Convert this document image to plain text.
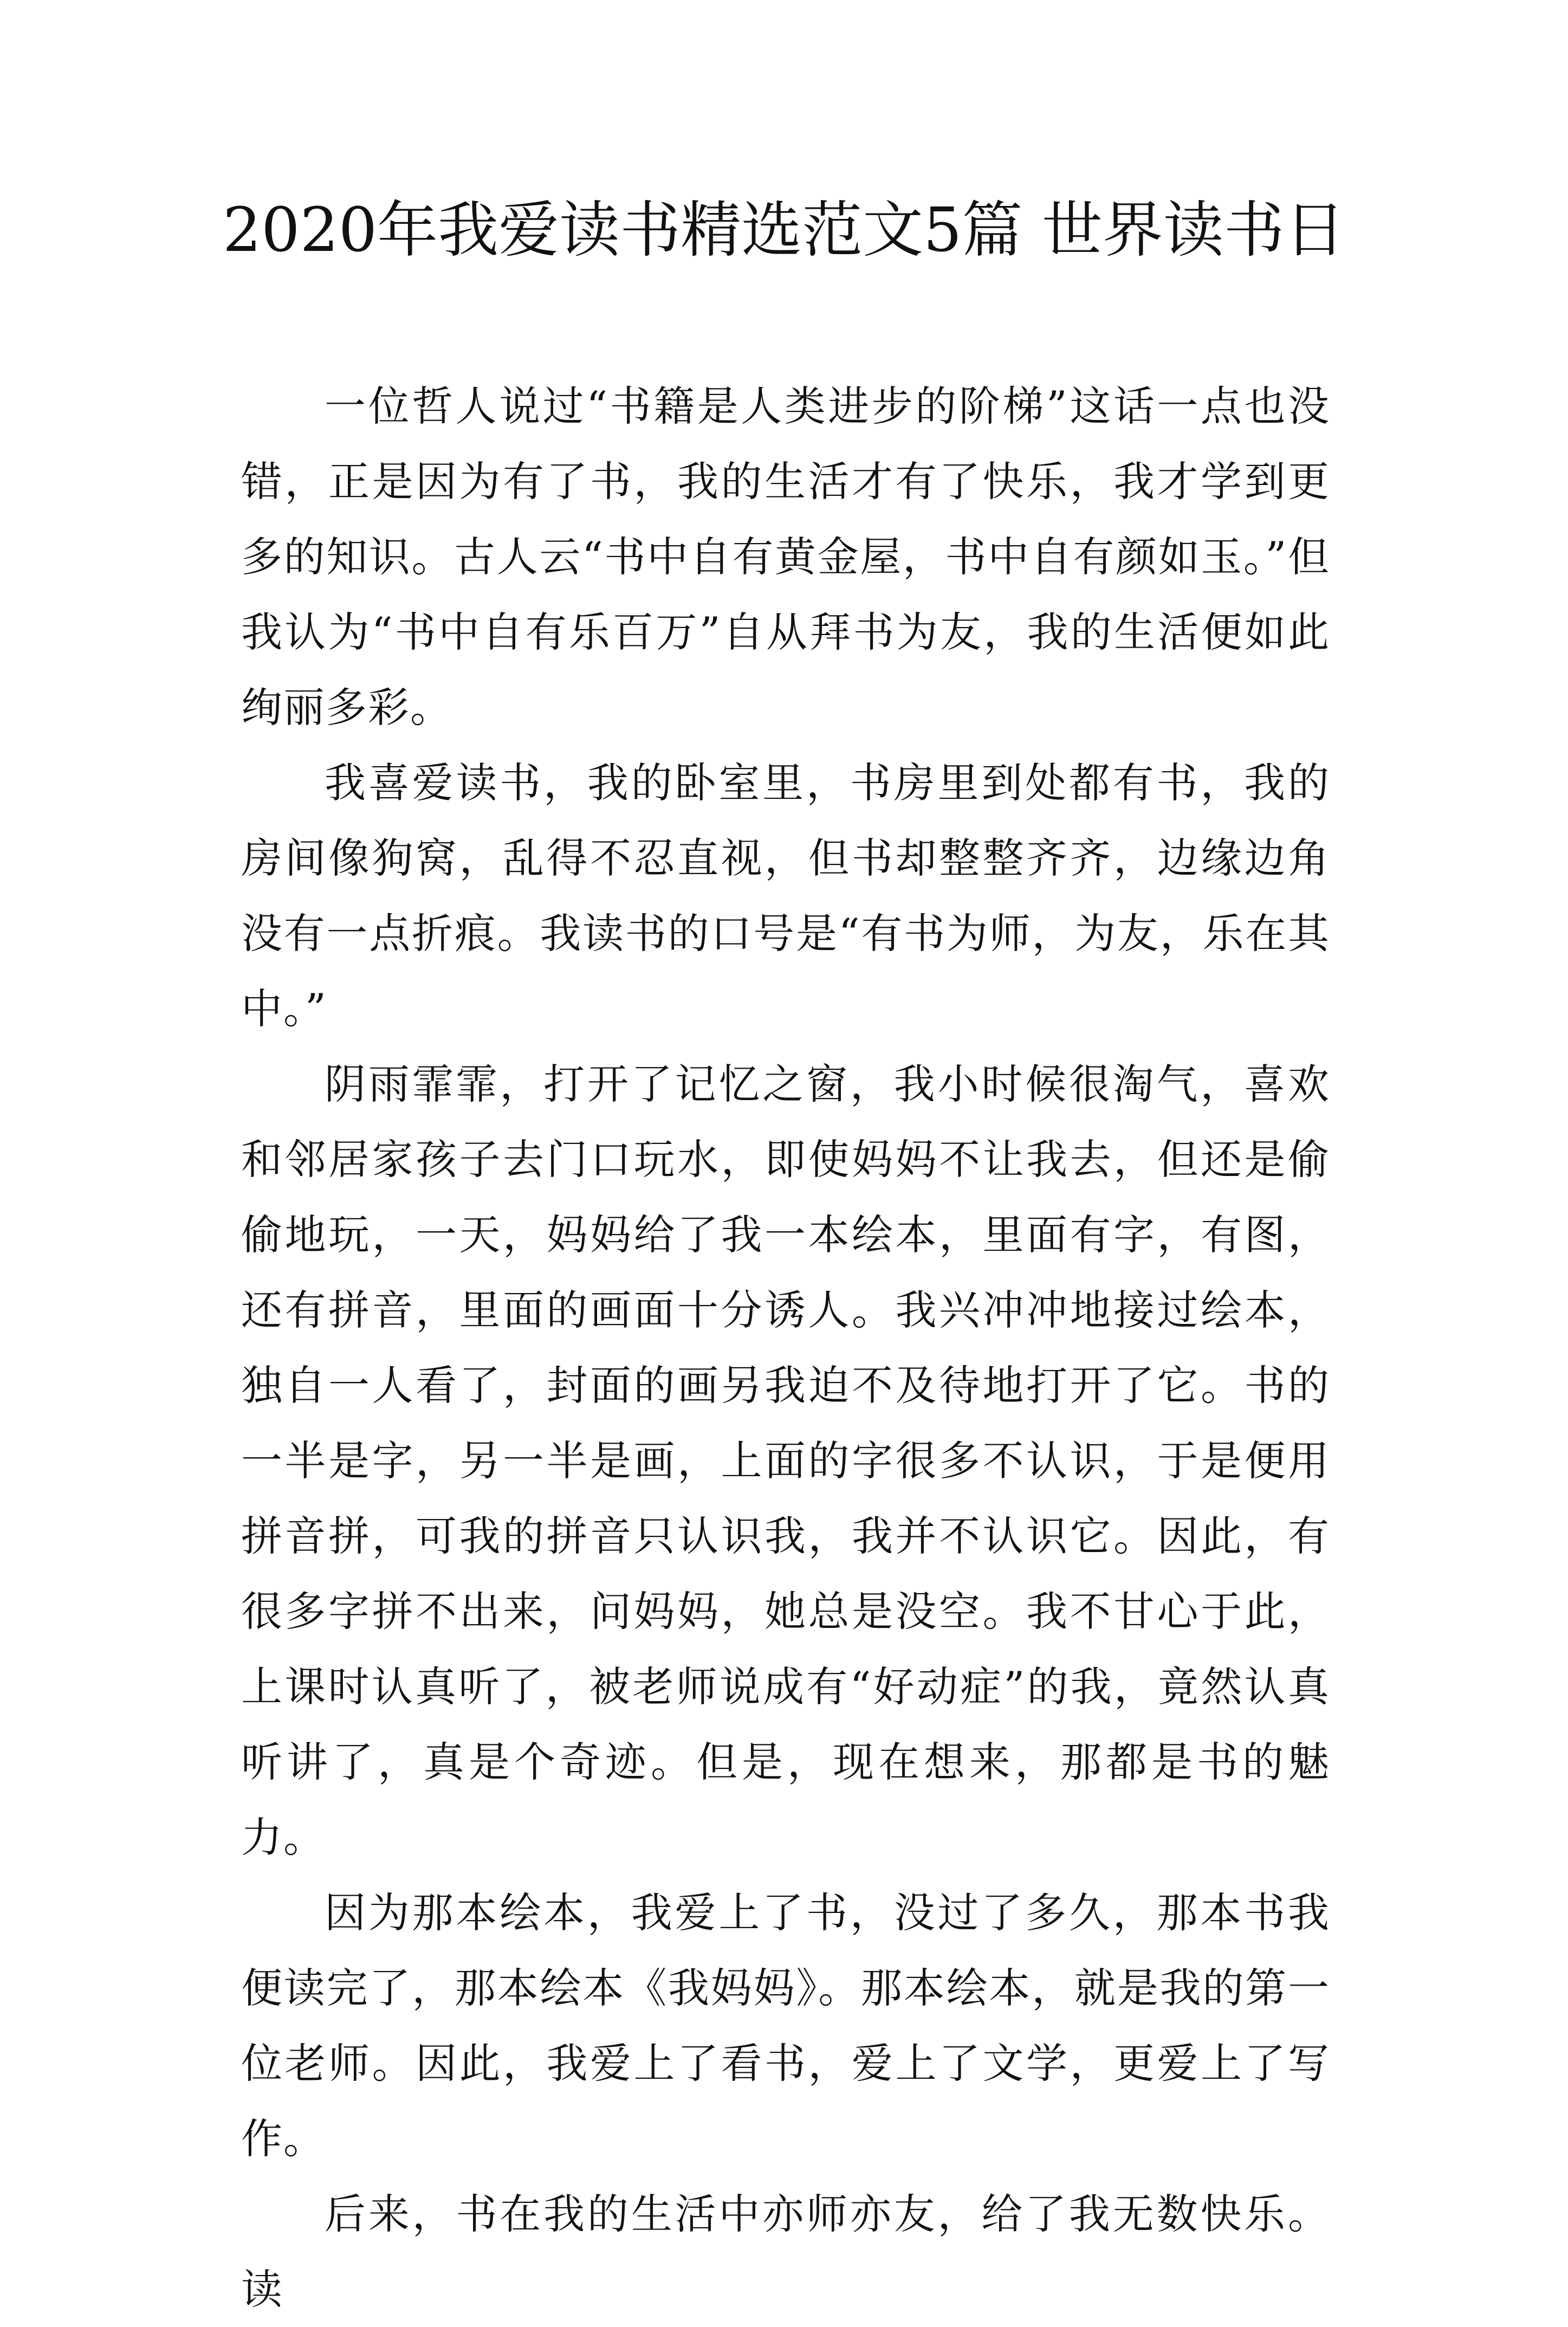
2020年我爱读书精选范文5篇 世界读书日

一位哲人说过“书籍是人类进步的阶梯”这话一点也没错，正是因为有了书，我的生活才有了快乐，我才学到更多的知识。古人云“书中自有黄金屋，书中自有颜如玉。”但我认为“书中自有乐百万”自从拜书为友，我的生活便如此绚丽多彩。

我喜爱读书，我的卧室里，书房里到处都有书，我的房间像狗窝，乱得不忍直视，但书却整整齐齐，边缘边角没有一点折痕。我读书的口号是“有书为师，为友，乐在其中。”

阴雨霏霏，打开了记忆之窗，我小时候很淘气，喜欢和邻居家孩子去门口玩水，即使妈妈不让我去，但还是偷偷地玩，一天，妈妈给了我一本绘本，里面有字，有图，还有拼音，里面的画面十分诱人。我兴冲冲地接过绘本，独自一人看了，封面的画另我迫不及待地打开了它。书的一半是字，另一半是画，上面的字很多不认识，于是便用拼音拼，可我的拼音只认识我，我并不认识它。因此，有很多字拼不出来，问妈妈，她总是没空。我不甘心于此，上课时认真听了，被老师说成有“好动症”的我，竟然认真听讲了，真是个奇迹。但是，现在想来，那都是书的魅力。

因为那本绘本，我爱上了书，没过了多久，那本书我便读完了，那本绘本《我妈妈》。那本绘本，就是我的第一位老师。因此，我爱上了看书，爱上了文学，更爱上了写作。

后来，书在我的生活中亦师亦友，给了我无数快乐。读
